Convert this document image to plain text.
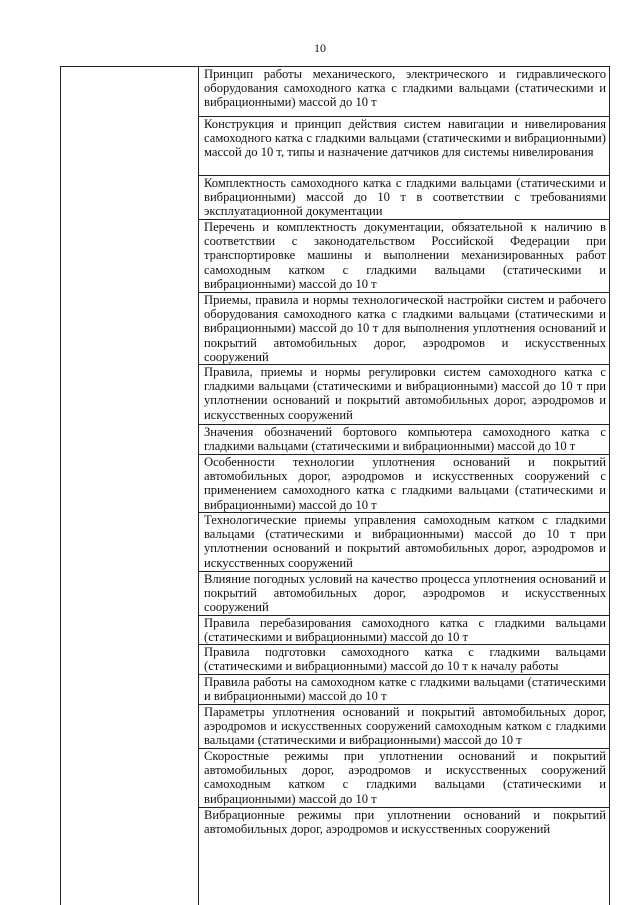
10
Принцип работы механического, электрического и гидравлического оборудования самоходного катка с гладкими вальцами (статическими и вибрационными) массой до 10 т
Конструкция и принцип действия систем навигации и нивелирования самоходного катка с гладкими вальцами (статическими и вибрационными) массой до 10 т, типы и назначение датчиков для системы нивелирования
Комплектность самоходного катка с гладкими вальцами (статическими и вибрационными) массой до 10 т в соответствии с требованиями эксплуатационной документации
Перечень и комплектность документации, обязательной к наличию в соответствии с законодательством Российской Федерации при транспортировке машины и выполнении механизированных работ самоходным катком с гладкими вальцами (статическими и вибрационными) массой до 10 т
Приемы, правила и нормы технологической настройки систем и рабочего оборудования самоходного катка с гладкими вальцами (статическими и вибрационными) массой до 10 т для выполнения уплотнения оснований и покрытий автомобильных дорог, аэродромов и искусственных сооружений
Правила, приемы и нормы регулировки систем самоходного катка с гладкими вальцами (статическими и вибрационными) массой до 10 т при уплотнении оснований и покрытий автомобильных дорог, аэродромов и искусственных сооружений
Значения обозначений бортового компьютера самоходного катка с гладкими вальцами (статическими и вибрационными) массой до 10 т
Особенности технологии уплотнения оснований и покрытий автомобильных дорог, аэродромов и искусственных сооружений с применением самоходного катка с гладкими вальцами (статическими и вибрационными) массой до 10 т
Технологические приемы управления самоходным катком с гладкими вальцами (статическими и вибрационными) массой до 10 т при уплотнении оснований и покрытий автомобильных дорог, аэродромов и искусственных сооружений
Влияние погодных условий на качество процесса уплотнения оснований и покрытий автомобильных дорог, аэродромов и искусственных сооружений
Правила перебазирования самоходного катка с гладкими вальцами (статическими и вибрационными) массой до 10 т
Правила подготовки самоходного катка с гладкими вальцами (статическими и вибрационными) массой до 10 т к началу работы
Правила работы на самоходном катке с гладкими вальцами (статическими и вибрационными) массой до 10 т
Параметры уплотнения оснований и покрытий автомобильных дорог, аэродромов и искусственных сооружений самоходным катком с гладкими вальцами (статическими и вибрационными) массой до 10 т
Скоростные режимы при уплотнении оснований и покрытий автомобильных дорог, аэродромов и искусственных сооружений самоходным катком с гладкими вальцами (статическими и вибрационными) массой до 10 т
Вибрационные режимы при уплотнении оснований и покрытий автомобильных дорог, аэродромов и искусственных сооружений
